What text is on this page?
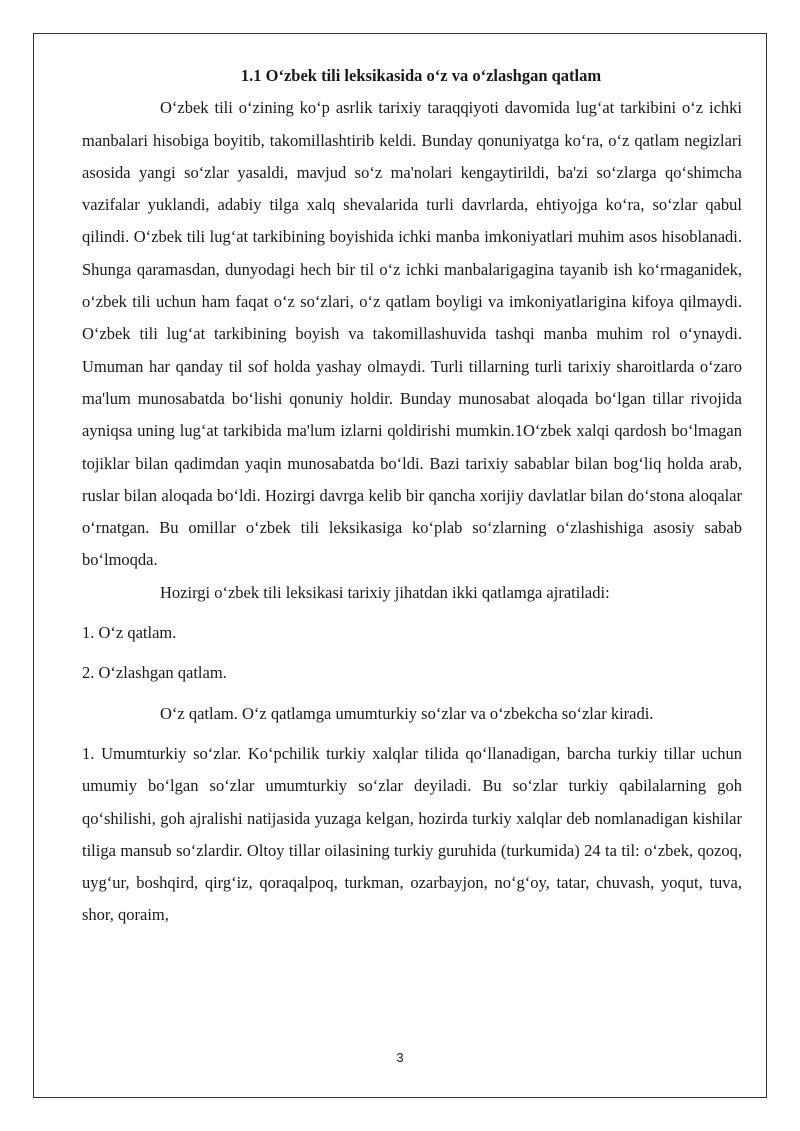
1.1 O‘zbek tili leksikasida o‘z va o‘zlashgan qatlam

O‘zbek tili o‘zining ko‘p asrlik tarixiy taraqqiyoti davomida lug‘at tarkibini o‘z ichki manbalari hisobiga boyitib, takomillashtirib keldi. Bunday qonuniyatga ko‘ra, o‘z qatlam negizlari asosida yangi so‘zlar yasaldi, mavjud so‘z ma'nolari kengaytirildi, ba'zi so‘zlarga qo‘shimcha vazifalar yuklandi, adabiy tilga xalq shevalarida turli davrlarda, ehtiyojga ko‘ra, so‘zlar qabul qilindi. O‘zbek tili lug‘at tarkibining boyishida ichki manba imkoniyatlari muhim asos hisoblanadi. Shunga qaramasdan, dunyodagi hech bir til o‘z ichki manbalarigagina tayanib ish ko‘rmaganidek, o‘zbek tili uchun ham faqat o‘z so‘zlari, o‘z qatlam boyligi va imkoniyatlarigina kifoya qilmaydi. O‘zbek tili lug‘at tarkibining boyish va takomillashuvida tashqi manba muhim rol o‘ynaydi. Umuman har qanday til sof holda yashay olmaydi. Turli tillarning turli tarixiy sharoitlarda o‘zaro ma'lum munosabatda bo‘lishi qonuniy holdir. Bunday munosabat aloqada bo‘lgan tillar rivojida ayniqsa uning lug‘at tarkibida ma'lum izlarni qoldirishi mumkin.1O‘zbek xalqi qardosh bo‘lmagan tojiklar bilan qadimdan yaqin munosabatda bo‘ldi. Bazi tarixiy sabablar bilan bog‘liq holda arab, ruslar bilan aloqada bo‘ldi. Hozirgi davrga kelib bir qancha xorijiy davlatlar bilan do‘stona aloqalar o‘rnatgan. Bu omillar o‘zbek tili leksikasiga ko‘plab so‘zlarning o‘zlashishiga asosiy sabab bo‘lmoqda.

Hozirgi o‘zbek tili leksikasi tarixiy jihatdan ikki qatlamga ajratiladi:

1. O‘z qatlam.

2. O‘zlashgan qatlam.

O‘z qatlam. O‘z qatlamga umumturkiy so‘zlar va o‘zbekcha so‘zlar kiradi.

1. Umumturkiy so‘zlar. Ko‘pchilik turkiy xalqlar tilida qo‘llanadigan, barcha turkiy tillar uchun umumiy bo‘lgan so‘zlar umumturkiy so‘zlar deyiladi. Bu so‘zlar turkiy qabilalarning goh qo‘shilishi, goh ajralishi natijasida yuzaga kelgan, hozirda turkiy xalqlar deb nomlanadigan kishilar tiliga mansub so‘zlardir. Oltoy tillar oilasining turkiy guruhida (turkumida) 24 ta til: o‘zbek, qozoq, uyg‘ur, boshqird, qirg‘iz, qoraqalpoq, turkman, ozarbayjon, no‘g‘oy, tatar, chuvash, yoqut, tuva, shor, qoraim,

3
